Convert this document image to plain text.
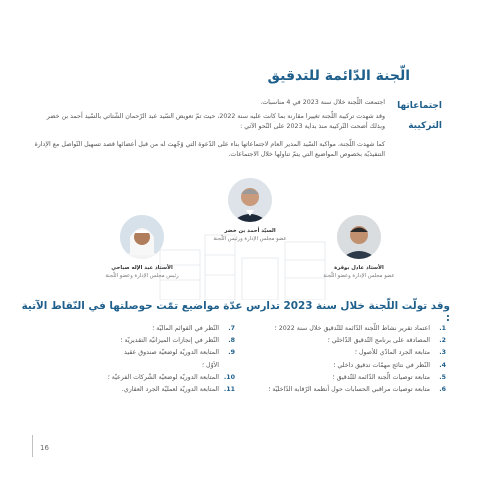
الّجنة الدّائمة للتدقيق
اجتماعاتها
التركيبة
اجتمعت اللّجنة خلال سنة 2023 في 4 مناسبات.
وقد شهدت تركيبة اللّجنة تغييرا مقارنة بما كانت عليه سنة 2022، حيث تمّ تعويض السّيد عبد الرّحمان الشّتاتي بالسّيد أحمد بن خضر وبذلك أضحت التّركيبة منذ بداية 2023 على النّحو الآتي :
كما شهدت اللّجنة، مواكبة السّيد المدير العام لاجتماعاتها بناء على الدّعوة التي وُجّهت له من قبل أعضائها قصد تسهيل التّواصل مع الإدارة التنفيذيّة بخصوص المواضيع التي يتمّ تناولها خلال الاجتماعات.
السيّد أحمد بن خضر
عضو مجلس الإدارة ورئيس اللّجنة
الأستاذ عبد الإله صباحي
رئيس مجلس الإدارة وعضو اللّجنة
الأستاذ عادل بوقرة
عضو مجلس الإدارة وعضو اللّجنة
وقد تولّت اللّجنة خلال سنة 2023 تدارس عدّة مواضيع تمّت حوصلتها في النّقاط الآتية :
1.
اعتماد تقرير نشاط اللّجنة الدّائمة للتّدقيق خلال سنة 2022 ؛
2.
المصادقة على برنامج التّدقيق الدّاخلي ؛
3.
متابعة الجرد المادّي للأصول ؛
4.
النّظر في نتائج مهمّات تدقيق داخلي ؛
5.
متابعة توصيات الّجنة الدّائمة للتّدقيق ؛
6.
متابعة توصيات مراقبي الحسابات حول أنظمة الرّقابة الدّاخليّة ؛
7.
النّظر في القوائم الماليّة ؛
8.
النّظر في إنجازات الميزانيّة التقديريّة ؛
9.
المتابعة الدوريّة لوضعيّة صندوق عقيد
الأوّل ؛
10.
المتابعة الدوريّة لوضعيّة الشّركات الفرعيّة ؛
11.
المتابعة الدوريّة لعمليّة الجرد العقاري.
16
